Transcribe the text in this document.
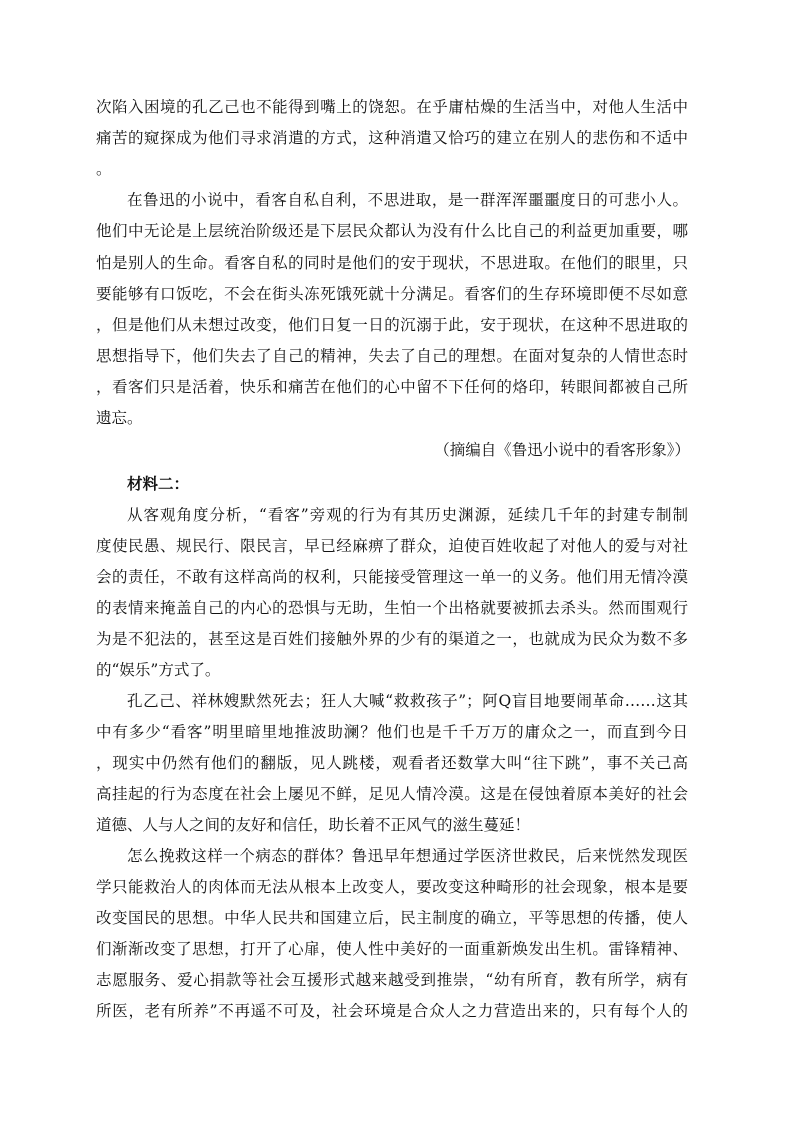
次陷入困境的孔乙己也不能得到嘴上的饶恕。在乎庸枯燥的生活当中，对他人生活中
痛苦的窥探成为他们寻求消遣的方式，这种消遣又恰巧的建立在别人的悲伤和不适中
。
在鲁迅的小说中，看客自私自利，不思进取，是一群浑浑噩噩度日的可悲小人。
他们中无论是上层统治阶级还是下层民众都认为没有什么比自己的利益更加重要，哪
怕是别人的生命。看客自私的同时是他们的安于现状，不思进取。在他们的眼里，只
要能够有口饭吃，不会在街头冻死饿死就十分满足。看客们的生存环境即便不尽如意
，但是他们从未想过改变，他们日复一日的沉溺于此，安于现状，在这种不思进取的
思想指导下，他们失去了自己的精神，失去了自己的理想。在面对复杂的人情世态时
，看客们只是活着，快乐和痛苦在他们的心中留不下任何的烙印，转眼间都被自己所
遗忘。
（摘编自《鲁迅小说中的看客形象》）
材料二：
从客观角度分析，“看客”旁观的行为有其历史渊源，延续几千年的封建专制制
度使民愚、规民行、限民言，早已经麻痹了群众，迫使百姓收起了对他人的爱与对社
会的责任，不敢有这样高尚的权利，只能接受管理这一单一的义务。他们用无情冷漠
的表情来掩盖自己的内心的恐惧与无助，生怕一个出格就要被抓去杀头。然而围观行
为是不犯法的，甚至这是百姓们接触外界的少有的渠道之一，也就成为民众为数不多
的“娱乐”方式了。
孔乙己、祥林嫂默然死去；狂人大喊“救救孩子”；阿Q盲目地要闹革命……这其
中有多少“看客”明里暗里地推波助澜？他们也是千千万万的庸众之一，而直到今日
，现实中仍然有他们的翻版，见人跳楼，观看者还数掌大叫“往下跳”，事不关己高
高挂起的行为态度在社会上屡见不鲜，足见人情冷漠。这是在侵蚀着原本美好的社会
道德、人与人之间的友好和信任，助长着不正风气的滋生蔓延！
怎么挽救这样一个病态的群体？鲁迅早年想通过学医济世救民，后来恍然发现医
学只能救治人的肉体而无法从根本上改变人，要改变这种畸形的社会现象，根本是要
改变国民的思想。中华人民共和国建立后，民主制度的确立，平等思想的传播，使人
们渐渐改变了思想，打开了心扉，使人性中美好的一面重新焕发出生机。雷锋精神、
志愿服务、爱心捐款等社会互援形式越来越受到推崇，“幼有所育，教有所学，病有
所医，老有所养”不再遥不可及，社会环境是合众人之力营造出来的，只有每个人的
